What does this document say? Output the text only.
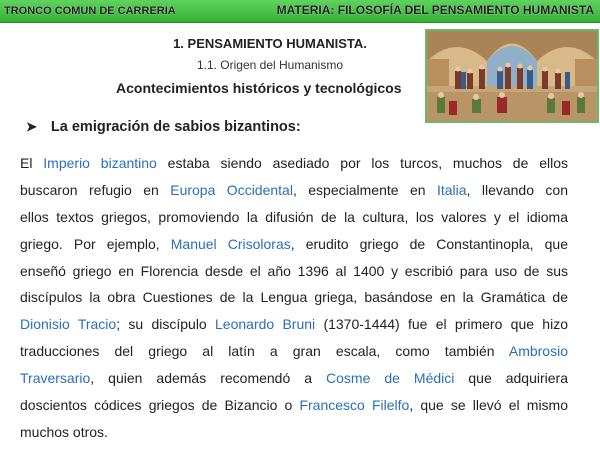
TRONCO COMUN DE CARRERIA	MATERIA: FILOSOFÍA DEL PENSAMIENTO HUMANISTA
1. PENSAMIENTO HUMANISTA.
1.1. Origen del Humanismo
Acontecimientos históricos y tecnológicos
➤ La emigración de sabios bizantinos:
El Imperio bizantino estaba siendo asediado por los turcos, muchos de ellos
buscaron refugio en Europa Occidental, especialmente en Italia, llevando con
ellos textos griegos, promoviendo la difusión de la cultura, los valores y el idioma
griego. Por ejemplo, Manuel Crisoloras, erudito griego de Constantinopla, que
enseñó griego en Florencia desde el año 1396 al 1400 y escribió para uso de sus
discípulos la obra Cuestiones de la Lengua griega, basándose en la Gramática de
Dionisio Tracio; su discípulo Leonardo Bruni (1370-1444) fue el primero que hizo
traducciones del griego al latín a gran escala, como también Ambrosio
Traversario, quien además recomendó a Cosme de Médici que adquiriera
doscientos códices griegos de Bizancio o Francesco Filelfo, que se llevó el mismo
muchos otros.
